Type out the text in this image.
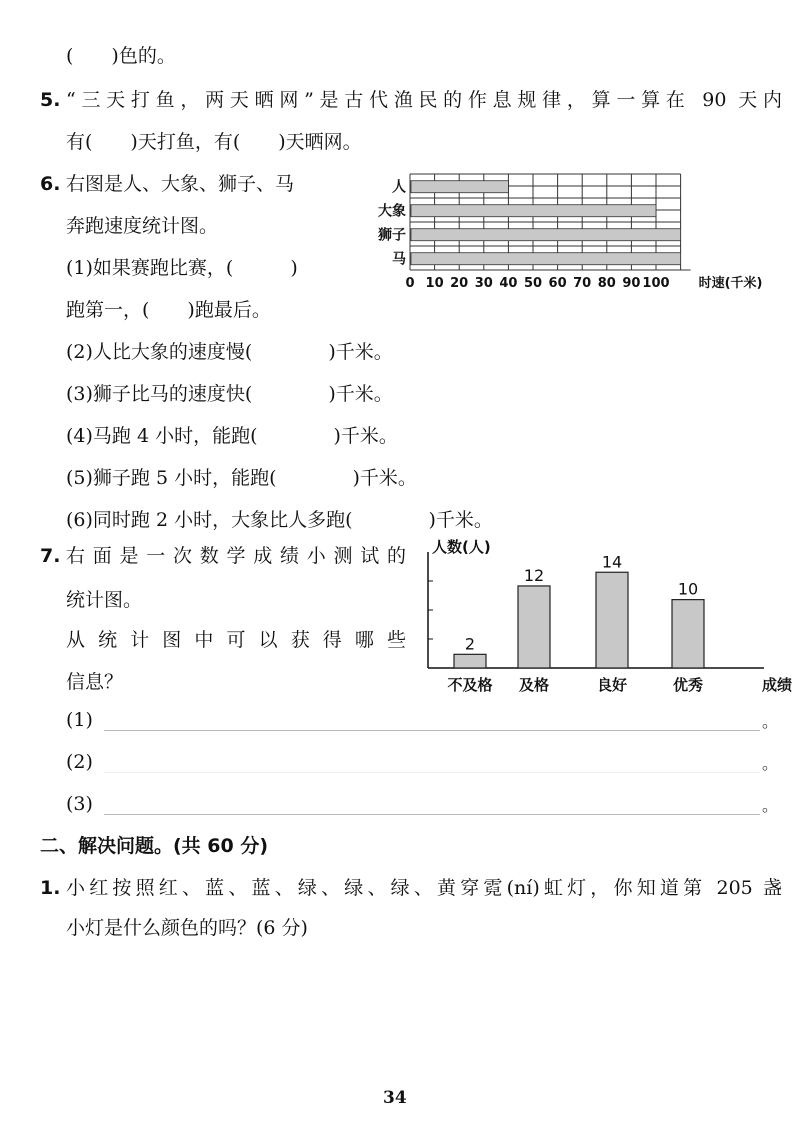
(　　)色的。
5. “三天打鱼，两天晒网”是古代渔民的作息规律，算一算在 90 天内
有(　　)天打鱼，有(　　)天晒网。
6. 右图是人、大象、狮子、马
奔跑速度统计图。
(1)如果赛跑比赛，(　　　)
跑第一，(　　)跑最后。
(2)人比大象的速度慢(　　　　)千米。
(3)狮子比马的速度快(　　　　)千米。
(4)马跑 4 小时，能跑(　　　　)千米。
(5)狮子跑 5 小时，能跑(　　　　)千米。
(6)同时跑 2 小时，大象比人多跑(　　　　)千米。
人
大象
狮子
马
0 10 20 30 40 50 60 70 80 90 100 时速(千米)
7. 右面是一次数学成绩小测试的
统计图。
从统计图中可以获得哪些
信息？
人数(人)
成绩
2
不及格
12
及格
14
良好
10
优秀
(1)	。
(2)	。
(3)	。
二、解决问题。(共 60 分)
1. 小红按照红、蓝、蓝、绿、绿、绿、黄穿霓(ní)虹灯，你知道第 205 盏
小灯是什么颜色的吗？(6 分)
34
